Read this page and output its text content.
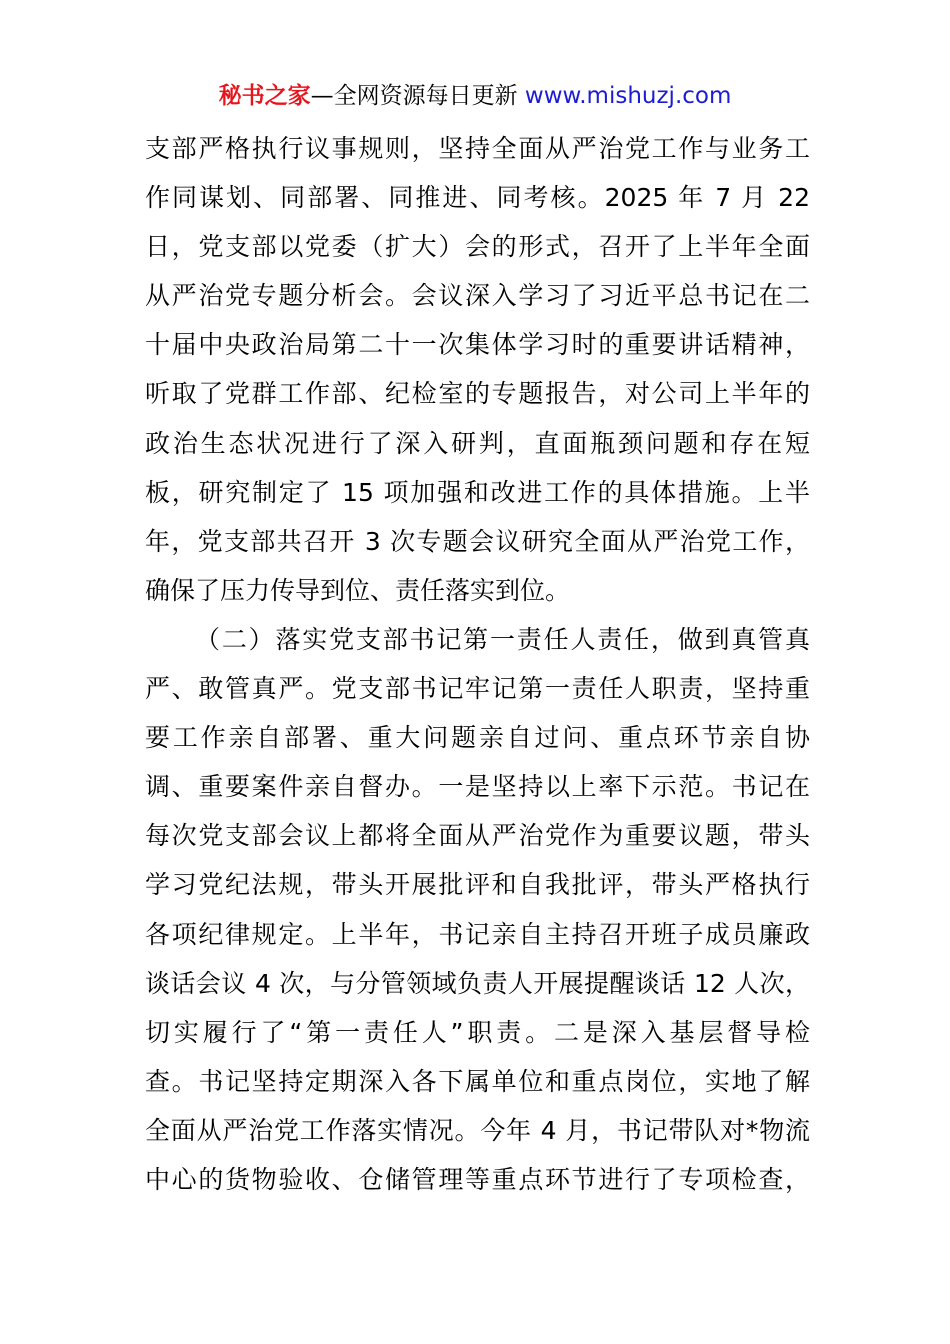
秘书之家—全网资源每日更新 www.mishuzj.com
支部严格执行议事规则，坚持全面从严治党工作与业务工
作同谋划、同部署、同推进、同考核。2025 年 7 月 22
日，党支部以党委（扩大）会的形式，召开了上半年全面
从严治党专题分析会。会议深入学习了习近平总书记在二
十届中央政治局第二十一次集体学习时的重要讲话精神，
听取了党群工作部、纪检室的专题报告，对公司上半年的
政治生态状况进行了深入研判，直面瓶颈问题和存在短
板，研究制定了 15 项加强和改进工作的具体措施。上半
年，党支部共召开 3 次专题会议研究全面从严治党工作，
确保了压力传导到位、责任落实到位。
（二）落实党支部书记第一责任人责任，做到真管真
严、敢管真严。党支部书记牢记第一责任人职责，坚持重
要工作亲自部署、重大问题亲自过问、重点环节亲自协
调、重要案件亲自督办。一是坚持以上率下示范。书记在
每次党支部会议上都将全面从严治党作为重要议题，带头
学习党纪法规，带头开展批评和自我批评，带头严格执行
各项纪律规定。上半年，书记亲自主持召开班子成员廉政
谈话会议 4 次，与分管领域负责人开展提醒谈话 12 人次，
切实履行了“第一责任人”职责。二是深入基层督导检
查。书记坚持定期深入各下属单位和重点岗位，实地了解
全面从严治党工作落实情况。今年 4 月，书记带队对*物流
中心的货物验收、仓储管理等重点环节进行了专项检查，
